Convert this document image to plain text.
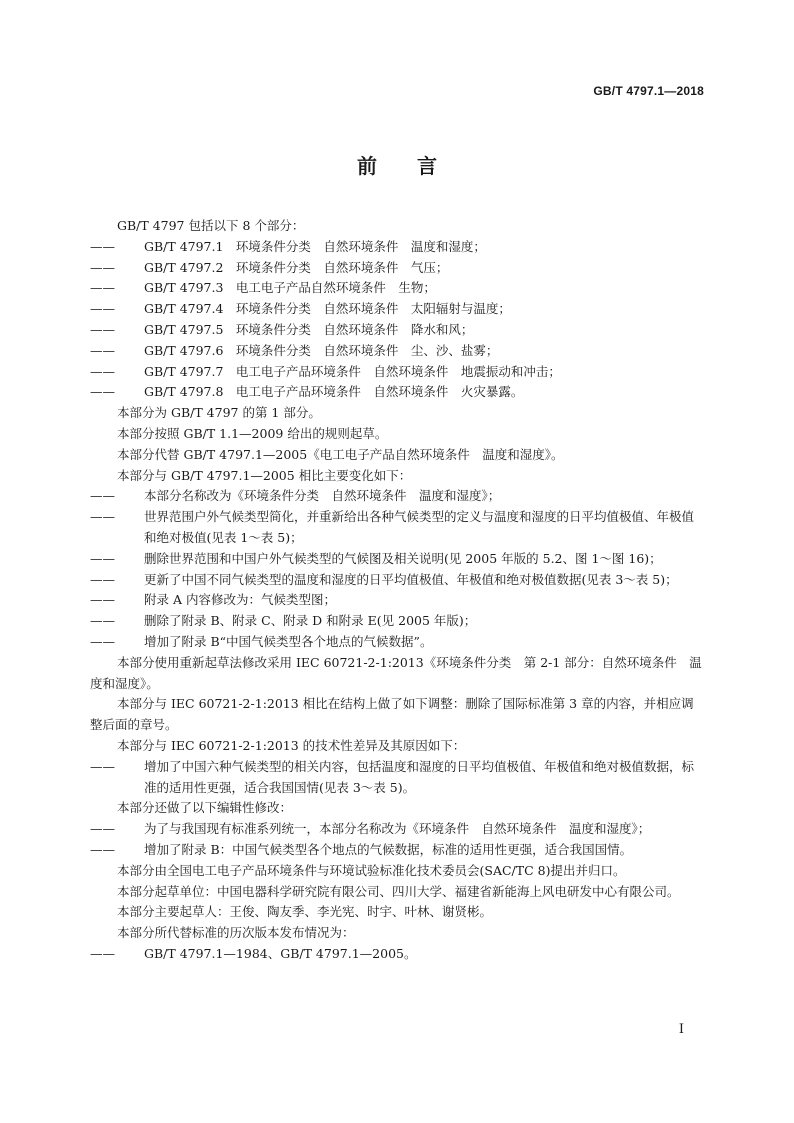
GB/T 4797.1—2018
前言
GB/T 4797 包括以下 8 个部分：
—— GB/T 4797.1　环境条件分类　自然环境条件　温度和湿度；
—— GB/T 4797.2　环境条件分类　自然环境条件　气压；
—— GB/T 4797.3　电工电子产品自然环境条件　生物；
—— GB/T 4797.4　环境条件分类　自然环境条件　太阳辐射与温度；
—— GB/T 4797.5　环境条件分类　自然环境条件　降水和风；
—— GB/T 4797.6　环境条件分类　自然环境条件　尘、沙、盐雾；
—— GB/T 4797.7　电工电子产品环境条件　自然环境条件　地震振动和冲击；
—— GB/T 4797.8　电工电子产品环境条件　自然环境条件　火灾暴露。
本部分为 GB/T 4797 的第 1 部分。
本部分按照 GB/T 1.1—2009 给出的规则起草。
本部分代替 GB/T 4797.1—2005《电工电子产品自然环境条件　温度和湿度》。
本部分与 GB/T 4797.1—2005 相比主要变化如下：
—— 本部分名称改为《环境条件分类　自然环境条件　温度和湿度》；
—— 世界范围户外气候类型简化，并重新给出各种气候类型的定义与温度和湿度的日平均值极值、年极值和绝对极值(见表 1～表 5)；
—— 删除世界范围和中国户外气候类型的气候图及相关说明(见 2005 年版的 5.2、图 1～图 16)；
—— 更新了中国不同气候类型的温度和湿度的日平均值极值、年极值和绝对极值数据(见表 3～表 5)；
—— 附录 A 内容修改为：气候类型图；
—— 删除了附录 B、附录 C、附录 D 和附录 E(见 2005 年版)；
—— 增加了附录 B“中国气候类型各个地点的气候数据”。
本部分使用重新起草法修改采用 IEC 60721-2-1:2013《环境条件分类　第 2-1 部分：自然环境条件　温度和湿度》。
本部分与 IEC 60721-2-1:2013 相比在结构上做了如下调整：删除了国际标准第 3 章的内容，并相应调整后面的章号。
本部分与 IEC 60721-2-1:2013 的技术性差异及其原因如下：
—— 增加了中国六种气候类型的相关内容，包括温度和湿度的日平均值极值、年极值和绝对极值数据，标准的适用性更强，适合我国国情(见表 3～表 5)。
本部分还做了以下编辑性修改：
—— 为了与我国现有标准系列统一，本部分名称改为《环境条件　自然环境条件　温度和湿度》；
—— 增加了附录 B：中国气候类型各个地点的气候数据，标准的适用性更强，适合我国国情。
本部分由全国电工电子产品环境条件与环境试验标准化技术委员会(SAC/TC 8)提出并归口。
本部分起草单位：中国电器科学研究院有限公司、四川大学、福建省新能海上风电研发中心有限公司。
本部分主要起草人：王俊、陶友季、李光宪、时宇、叶林、谢贤彬。
本部分所代替标准的历次版本发布情况为：
—— GB/T 4797.1—1984、GB/T 4797.1—2005。
I
